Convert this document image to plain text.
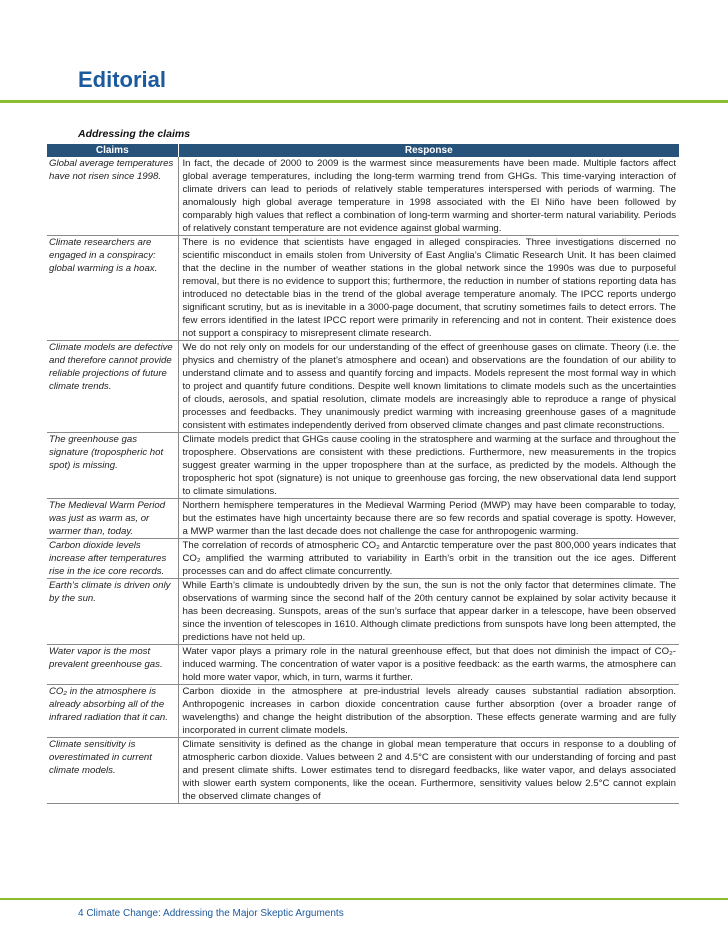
Editorial

Addressing the claims

Claims	Response
Global average temperatures have not risen since 1998.	In fact, the decade of 2000 to 2009 is the warmest since measurements have been made. Multiple factors affect global average temperatures, including the long-term warming trend from GHGs. This time-varying interaction of climate drivers can lead to periods of relatively stable temperatures interspersed with periods of warming. The anomalously high global average temperature in 1998 associated with the El Niño have been followed by comparably high values that reflect a combination of long-term warming and shorter-term natural variability. Periods of relatively constant temperature are not evidence against global warming.
Climate researchers are engaged in a conspiracy: global warming is a hoax.	There is no evidence that scientists have engaged in alleged conspiracies. Three investigations discerned no scientific misconduct in emails stolen from University of East Anglia’s Climatic Research Unit. It has been claimed that the decline in the number of weather stations in the global network since the 1990s was due to purposeful removal, but there is no evidence to support this; furthermore, the reduction in number of stations reporting data has introduced no detectable bias in the trend of the global average temperature anomaly. The IPCC reports undergo significant scrutiny, but as is inevitable in a 3000-page document, that scrutiny sometimes fails to detect errors. The few errors identified in the latest IPCC report were primarily in referencing and not in content. Their existence does not support a conspiracy to misrepresent climate research.
Climate models are defective and therefore cannot provide reliable projections of future climate trends.	We do not rely only on models for our understanding of the effect of greenhouse gases on climate. Theory (i.e. the physics and chemistry of the planet’s atmosphere and ocean) and observations are the foundation of our ability to understand climate and to assess and quantify forcing and impacts. Models represent the most formal way in which to project and quantify future conditions. Despite well known limitations to climate models such as the uncertainties of clouds, aerosols, and spatial resolution, climate models are increasingly able to reproduce a range of physical processes and feedbacks. They unanimously predict warming with increasing greenhouse gases of a magnitude consistent with estimates independently derived from observed climate changes and past climate reconstructions.
The greenhouse gas signature (tropospheric hot spot) is missing.	Climate models predict that GHGs cause cooling in the stratosphere and warming at the surface and throughout the troposphere. Observations are consistent with these predictions. Furthermore, new measurements in the tropics suggest greater warming in the upper troposphere than at the surface, as predicted by the models. Although the tropospheric hot spot (signature) is not unique to greenhouse gas forcing, the new observational data lend support to climate simulations.
The Medieval Warm Period was just as warm as, or warmer than, today.	Northern hemisphere temperatures in the Medieval Warming Period (MWP) may have been comparable to today, but the estimates have high uncertainty because there are so few records and spatial coverage is spotty. However, a MWP warmer than the last decade does not challenge the case for anthropogenic warming.
Carbon dioxide levels increase after temperatures rise in the ice core records.	The correlation of records of atmospheric CO₂ and Antarctic temperature over the past 800,000 years indicates that CO₂ amplified the warming attributed to variability in Earth’s orbit in the transition out the ice ages. Different processes can and do affect climate concurrently.
Earth’s climate is driven only by the sun.	While Earth’s climate is undoubtedly driven by the sun, the sun is not the only factor that determines climate. The observations of warming since the second half of the 20th century cannot be explained by solar activity because it has been decreasing. Sunspots, areas of the sun’s surface that appear darker in a telescope, have been observed since the invention of telescopes in 1610. Although climate predictions from sunspots have long been attempted, the predictions have not held up.
Water vapor is the most prevalent greenhouse gas.	Water vapor plays a primary role in the natural greenhouse effect, but that does not diminish the impact of CO₂-induced warming. The concentration of water vapor is a positive feedback: as the earth warms, the atmosphere can hold more water vapor, which, in turn, warms it further.
CO₂ in the atmosphere is already absorbing all of the infrared radiation that it can.	Carbon dioxide in the atmosphere at pre-industrial levels already causes substantial radiation absorption. Anthropogenic increases in carbon dioxide concentration cause further absorption (over a broader range of wavelengths) and change the height distribution of the absorption. These effects generate warming and are fully incorporated in current climate models.
Climate sensitivity is overestimated in current climate models.	Climate sensitivity is defined as the change in global mean temperature that occurs in response to a doubling of atmospheric carbon dioxide. Values between 2 and 4.5°C are consistent with our understanding of forcing and past and present climate shifts. Lower estimates tend to disregard feedbacks, like water vapor, and delays associated with slower earth system components, like the ocean. Furthermore, sensitivity values below 2.5°C cannot explain the observed climate changes of
4 Climate Change: Addressing the Major Skeptic Arguments
